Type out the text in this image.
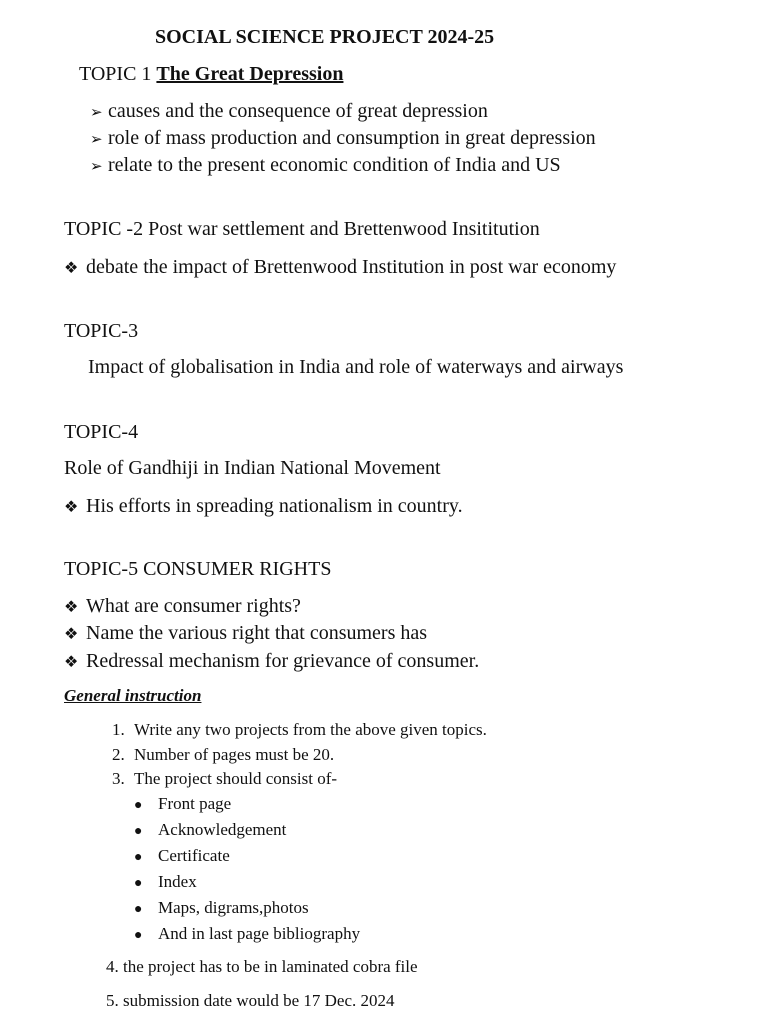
SOCIAL SCIENCE PROJECT 2024-25
TOPIC 1 The Great Depression
➢ causes and the consequence of great depression
➢ role of mass production and consumption in great depression
➢ relate to the present economic condition of India and US
TOPIC -2 Post war settlement and Brettenwood Insititution
❖ debate the impact of Brettenwood Institution in post war economy
TOPIC-3
Impact of globalisation in India and role of waterways and airways
TOPIC-4
Role of Gandhiji in Indian National Movement
❖ His efforts in spreading nationalism in country.
TOPIC-5 CONSUMER RIGHTS
❖ What are consumer rights?
❖ Name the various right that consumers has
❖ Redressal mechanism for grievance of consumer.
General instruction
1. Write any two projects from the above given topics.
2. Number of pages must be 20.
3. The project should consist of-
● Front page
● Acknowledgement
● Certificate
● Index
● Maps, digrams,photos
● And in last page bibliography
4. the project has to be in laminated cobra file
5. submission date would be 17 Dec. 2024
